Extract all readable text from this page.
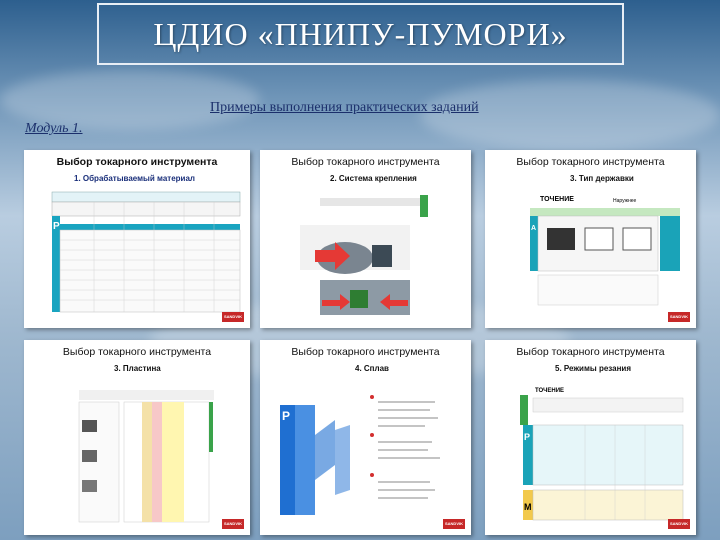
ЦДИО «ПНИПУ-ПУМОРИ»
Примеры выполнения практических заданий
Модуль 1.
Выбор токарного инструмента
1. Обрабатываемый материал
P
SANDVIK
Выбор токарного инструмента
2. Система крепления
Выбор токарного инструмента
3. Тип державки
ТОЧЕНИЕ	Наружнее
A
SANDVIK
Выбор токарного инструмента
3. Пластина
SANDVIK
Выбор токарного инструмента
4. Сплав
P
SANDVIK
Выбор токарного инструмента
5. Режимы резания
ТОЧЕНИЕ
P
M
SANDVIK
